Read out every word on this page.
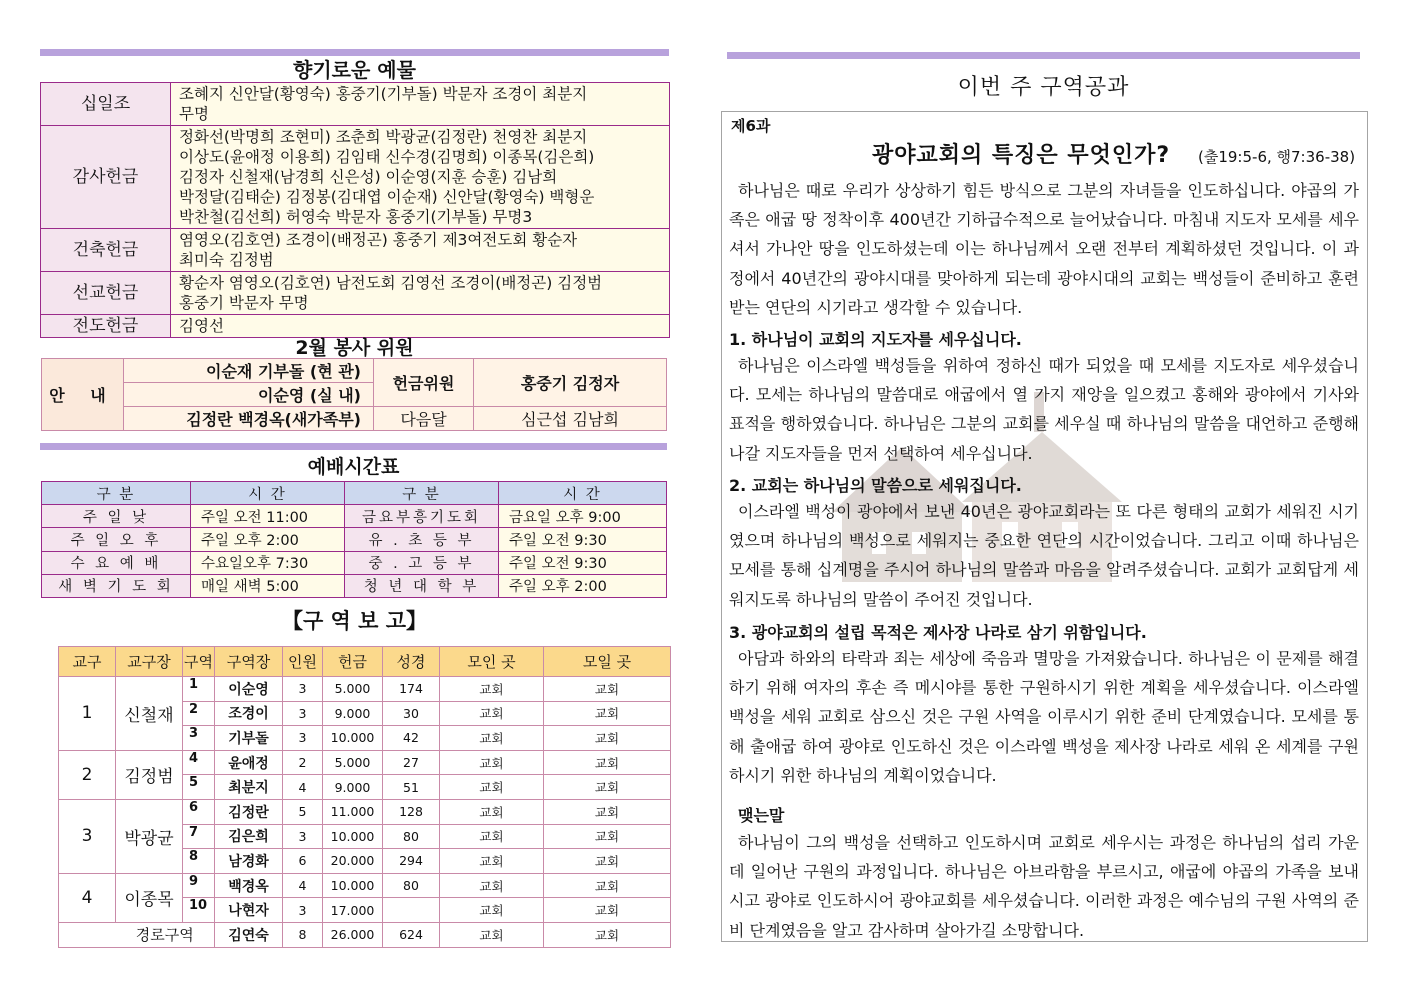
향기로운 예물
십일조	조혜지 신안달(황영숙) 홍중기(기부돌) 박문자 조경이 최분지
무명

감사헌금	정화선(박명희 조현미) 조춘희 박광균(김정란) 천영찬 최분지
이상도(윤애정 이용희) 김임태 신수경(김명희) 이종목(김은희)
김정자 신철재(남경희 신은성) 이순영(지훈 승훈) 김남희
박정달(김태순) 김정봉(김대엽 이순재) 신안달(황영숙) 백형운
박찬철(김선희) 허영숙 박문자 홍중기(기부돌) 무명3

건축헌금	염영오(김호연) 조경이(배정곤) 홍중기 제3여전도회 황순자
최미숙 김정범

선교헌금	황순자 염영오(김호연) 남전도회 김영선 조경이(배정곤) 김정범
홍중기 박문자 무명

전도헌금	김영선
2월 봉사 위원
안 내	이순재 기부돌 (현 관)	헌금위원	홍중기 김정자
	이순영 (실 내)		
	김정란 백경옥(새가족부)	다음달	심근섭 김남희
예배시간표
구 분	시 간	구 분	시 간
주 일 낮	주일 오전 11:00	금요부흥기도회	금요일 오후 9:00
주 일 오 후	주일 오후 2:00	유 . 초 등 부	주일 오전 9:30
수 요 예 배	수요일오후 7:30	중 . 고 등 부	주일 오전 9:30
새 벽 기 도 회	매일 새벽 5:00	청 년 대 학 부	주일 오후 2:00
【구 역 보 고】
교구	교구장	구역	구역장	인원	헌금	성경	모인 곳	모일 곳
1	신철재	1	이순영	3	5.000	174	교회	교회
		2	조경이	3	9.000	30	교회	교회
		3	기부돌	3	10.000	42	교회	교회
2	김정범	4	윤애정	2	5.000	27	교회	교회
		5	최분지	4	9.000	51	교회	교회
3	박광균	6	김정란	5	11.000	128	교회	교회
		7	김은희	3	10.000	80	교회	교회
		8	남경화	6	20.000	294	교회	교회
4	이종목	9	백경옥	4	10.000	80	교회	교회
		10	나현자	3	17.000		교회	교회
	경로구역		김연숙	8	26.000	624	교회	교회
이번 주 구역공과
제6과
광야교회의 특징은 무엇인가? (출19:5-6, 행7:36-38)
하나님은 때로 우리가 상상하기 힘든 방식으로 그분의 자녀들을 인도하십니다. 야곱의 가족은 애굽 땅 정착이후 400년간 기하급수적으로 늘어났습니다. 마침내 지도자 모세를 세우셔서 가나안 땅을 인도하셨는데 이는 하나님께서 오랜 전부터 계획하셨던 것입니다. 이 과정에서 40년간의 광야시대를 맞아하게 되는데 광야시대의 교회는 백성들이 준비하고 훈련받는 연단의 시기라고 생각할 수 있습니다.
1. 하나님이 교회의 지도자를 세우십니다.
하나님은 이스라엘 백성들을 위하여 정하신 때가 되었을 때 모세를 지도자로 세우셨습니다. 모세는 하나님의 말씀대로 애굽에서 열 가지 재앙을 일으켰고 홍해와 광야에서 기사와 표적을 행하였습니다. 하나님은 그분의 교회를 세우실 때 하나님의 말씀을 대언하고 준행해 나갈 지도자들을 먼저 선택하여 세우십니다.
2. 교회는 하나님의 말씀으로 세워집니다.
이스라엘 백성이 광야에서 보낸 40년은 광야교회라는 또 다른 형태의 교회가 세워진 시기였으며 하나님의 백성으로 세워지는 중요한 연단의 시간이었습니다. 그리고 이때 하나님은 모세를 통해 십계명을 주시어 하나님의 말씀과 마음을 알려주셨습니다. 교회가 교회답게 세워지도록 하나님의 말씀이 주어진 것입니다.
3. 광야교회의 설립 목적은 제사장 나라로 삼기 위함입니다.
아담과 하와의 타락과 죄는 세상에 죽음과 멸망을 가져왔습니다. 하나님은 이 문제를 해결하기 위해 여자의 후손 즉 메시야를 통한 구원하시기 위한 계획을 세우셨습니다. 이스라엘 백성을 세워 교회로 삼으신 것은 구원 사역을 이루시기 위한 준비 단계였습니다. 모세를 통해 출애굽 하여 광야로 인도하신 것은 이스라엘 백성을 제사장 나라로 세워 온 세계를 구원하시기 위한 하나님의 계획이었습니다.
맺는말
하나님이 그의 백성을 선택하고 인도하시며 교회로 세우시는 과정은 하나님의 섭리 가운데 일어난 구원의 과정입니다. 하나님은 아브라함을 부르시고, 애굽에 야곱의 가족을 보내시고 광야로 인도하시어 광야교회를 세우셨습니다. 이러한 과정은 예수님의 구원 사역의 준비 단계였음을 알고 감사하며 살아가길 소망합니다.
